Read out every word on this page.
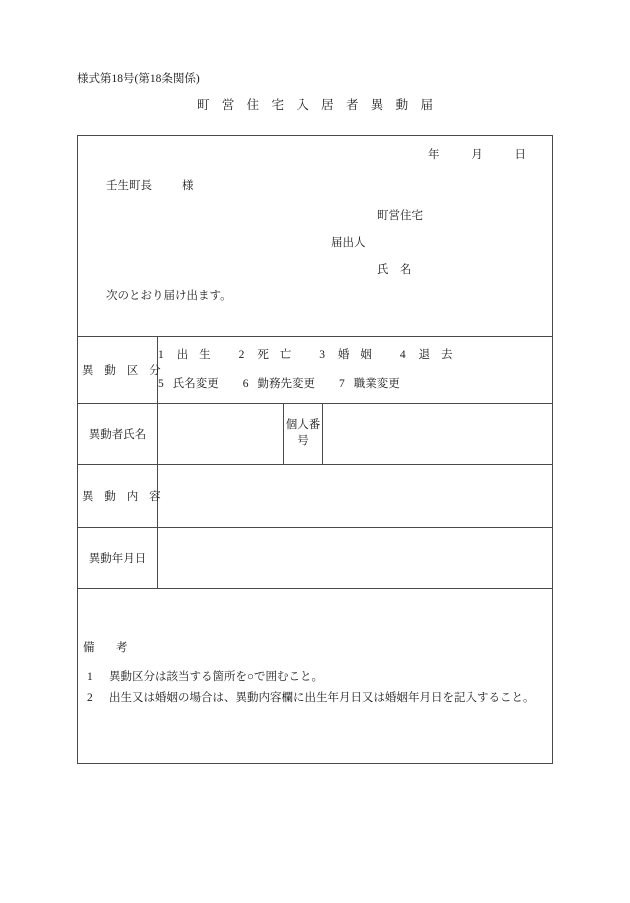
様式第18号(第18条関係)
町 営 住 宅 入 居 者 異 動 届
年	月	日
壬生町長	様
町営住宅
届出人
氏　名
次のとおり届け出ます。

異 動 区 分	1 出 生 2 死 亡 3 婚 姻 4 退 去
5 氏名変更 6 勤務先変更 7 職業変更		

異動者氏名		個人番号	
異 動 内 容			
異動年月日			

備　考
1 異動区分は該当する箇所を○で囲むこと。
2 出生又は婚姻の場合は、異動内容欄に出生年月日又は婚姻年月日を記入すること。			
